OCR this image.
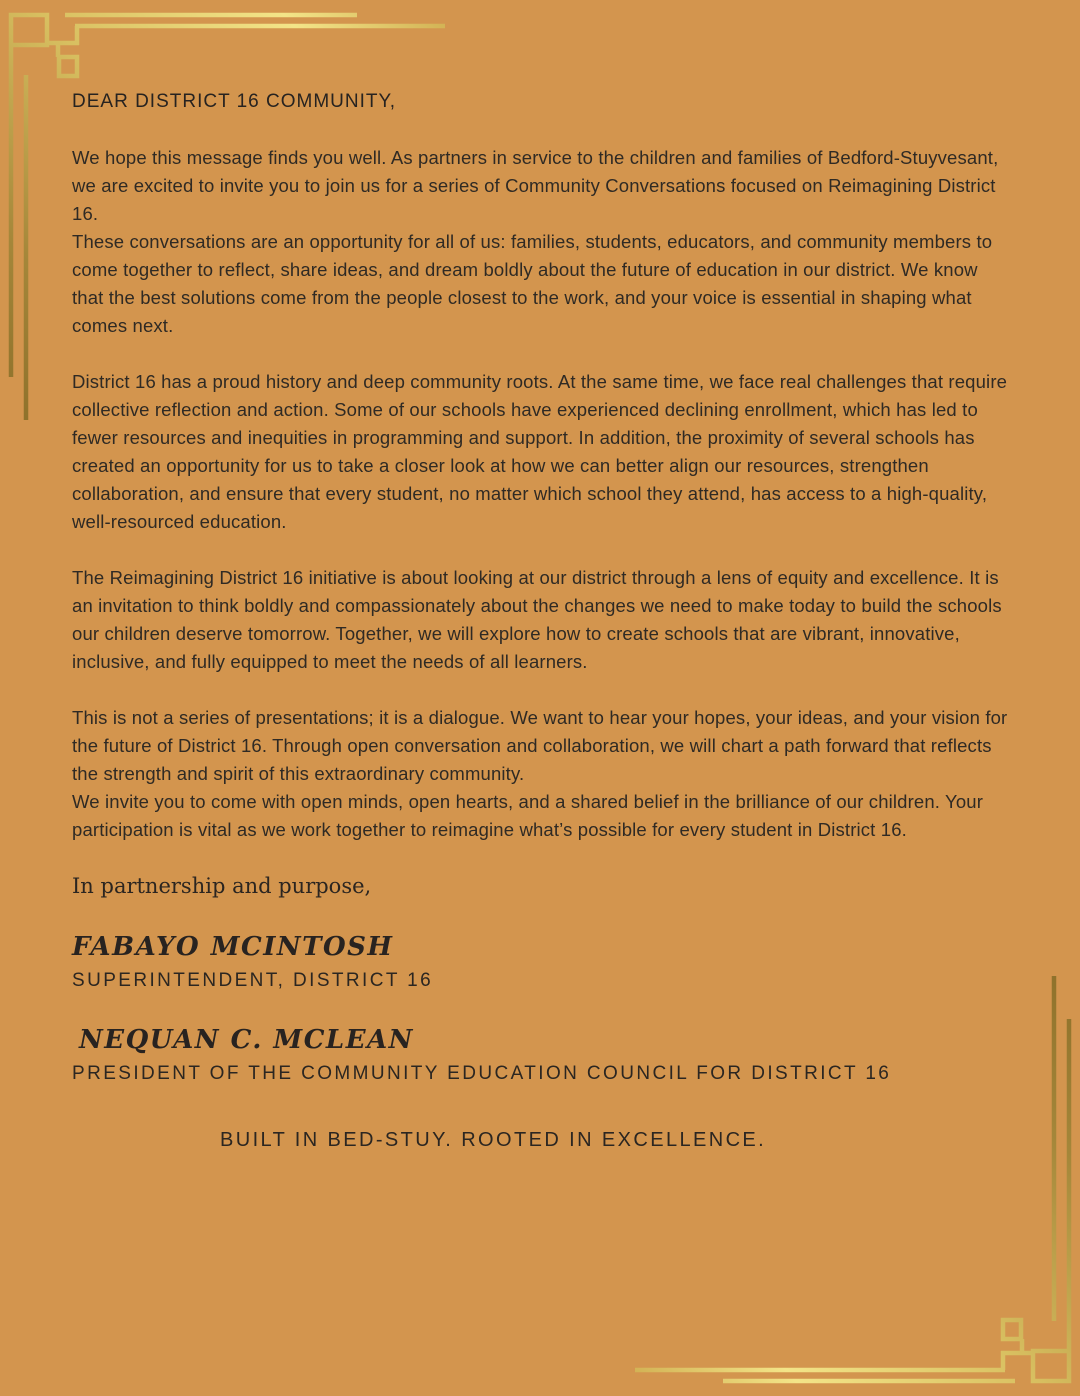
DEAR DISTRICT 16 COMMUNITY,

We hope this message finds you well. As partners in service to the children and families of Bedford-Stuyvesant, we are excited to invite you to join us for a series of Community Conversations focused on Reimagining District 16.

These conversations are an opportunity for all of us: families, students, educators, and community members to come together to reflect, share ideas, and dream boldly about the future of education in our district. We know that the best solutions come from the people closest to the work, and your voice is essential in shaping what comes next.

District 16 has a proud history and deep community roots. At the same time, we face real challenges that require collective reflection and action. Some of our schools have experienced declining enrollment, which has led to fewer resources and inequities in programming and support. In addition, the proximity of several schools has created an opportunity for us to take a closer look at how we can better align our resources, strengthen collaboration, and ensure that every student, no matter which school they attend, has access to a high-quality, well-resourced education.

The Reimagining District 16 initiative is about looking at our district through a lens of equity and excellence. It is an invitation to think boldly and compassionately about the changes we need to make today to build the schools our children deserve tomorrow. Together, we will explore how to create schools that are vibrant, innovative, inclusive, and fully equipped to meet the needs of all learners.

This is not a series of presentations; it is a dialogue. We want to hear your hopes, your ideas, and your vision for the future of District 16. Through open conversation and collaboration, we will chart a path forward that reflects the strength and spirit of this extraordinary community.

We invite you to come with open minds, open hearts, and a shared belief in the brilliance of our children. Your participation is vital as we work together to reimagine what’s possible for every student in District 16.

In partnership and purpose,
FABAYO MCINTOSH
SUPERINTENDENT, DISTRICT 16
NEQUAN C. MCLEAN
PRESIDENT OF THE COMMUNITY EDUCATION COUNCIL FOR DISTRICT 16
BUILT IN BED-STUY. ROOTED IN EXCELLENCE.
